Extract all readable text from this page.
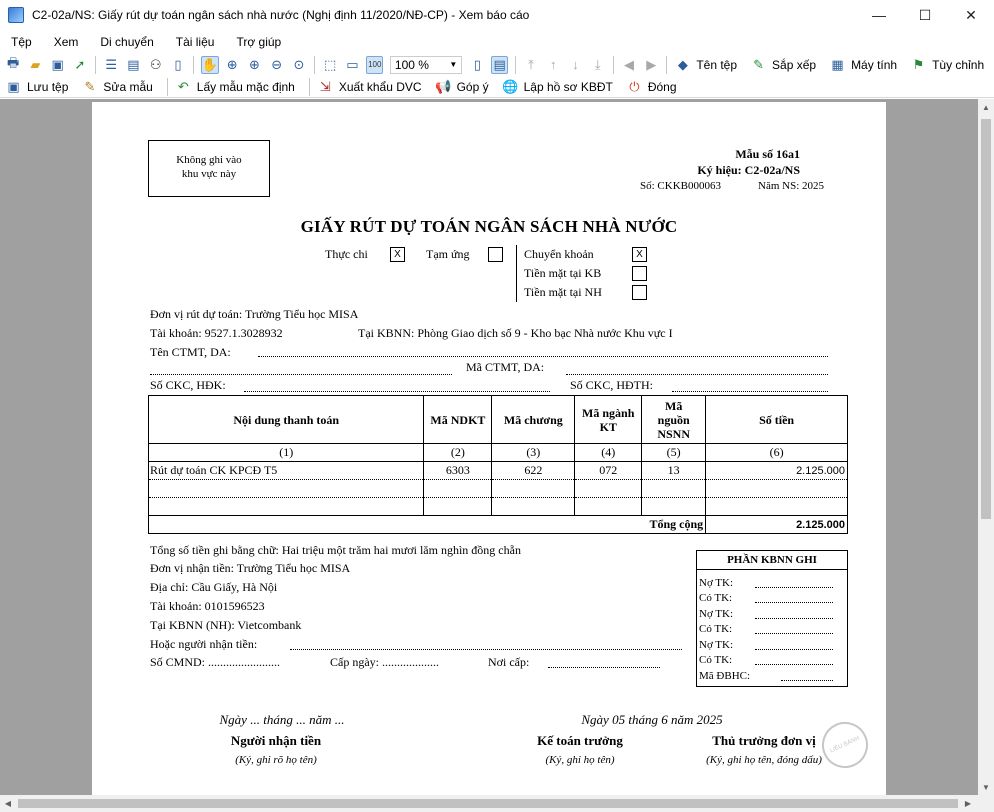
C2-02a/NS: Giấy rút dự toán ngân sách nhà nước (Nghị định 11/2020/NĐ-CP) - Xem báo cáo	—	☐	✕
Tệp	Xem	Di chuyển	Tài liệu	Trợ giúp
🖶 ▰ ▣ ➚ ☰ ▤ ⚇ ▯	✋ ⊕ ⊕ ⊖ ⊙ ⬚ ▭	100 100 %	▼	▯ ▤	⤒	↑	↓	⤓	◀ ▶	◆ Tên tệp ✎ Sắp xếp ▦ Máy tính ⚑ Tùy chỉnh
▣ Lưu tệp ✎ Sửa mẫu ↶ Lấy mẫu mặc định ⇲ Xuất khẩu DVC 📢 Góp ý 🌐 Lập hồ sơ KBĐT ⏻ Đóng
Không ghi vào
khu vực này
Mẫu số 16a1
Ký hiệu: C2-02a/NS
Số: CKKB000063	Năm NS: 2025
GIẤY RÚT DỰ TOÁN NGÂN SÁCH NHÀ NƯỚC
Thực chi	X	Tạm ứng	Chuyển khoản	X
Tiền mặt tại KB
Tiền mặt tại NH
Đơn vị rút dự toán: Trường Tiểu học MISA
Tài khoản: 9527.1.3028932	Tại KBNN: Phòng Giao dịch số 9 - Kho bạc Nhà nước Khu vực I
Tên CTMT, DA:
Mã CTMT, DA:
Số CKC, HĐK:	Số CKC, HĐTH:
Nội dung thanh toán	Mã NDKT	Mã chương	Mã ngành KT	Mã nguồn NSNN	Số tiền
(1)	(2)	(3)	(4)	(5)	(6)
Rút dự toán CK KPCĐ T5	6303	622	072	13	2.125.000

Tổng cộng					2.125.000
Tổng số tiền ghi bằng chữ: Hai triệu một trăm hai mươi lăm nghìn đồng chẵn
Đơn vị nhận tiền: Trường Tiểu học MISA
Địa chỉ: Cầu Giấy, Hà Nội
Tài khoản: 0101596523
Tại KBNN (NH): Vietcombank
Hoặc người nhận tiền:
Số CMND: ........................	Cấp ngày: ...................	Nơi cấp:
PHẦN KBNN GHI
Nợ TK:
Có TK:
Nợ TK:
Có TK:
Nợ TK:
Có TK:
Mã ĐBHC:
Ngày ... tháng ... năm ...	Ngày 05 tháng 6 năm 2025
Người nhận tiền
(Ký, ghi rõ họ tên)
Kế toán trưởng
(Ký, ghi họ tên)
Thủ trưởng đơn vị
(Ký, ghi họ tên, đóng dấu)
LIÊU BÁNH
▲
▼
◀	▶
